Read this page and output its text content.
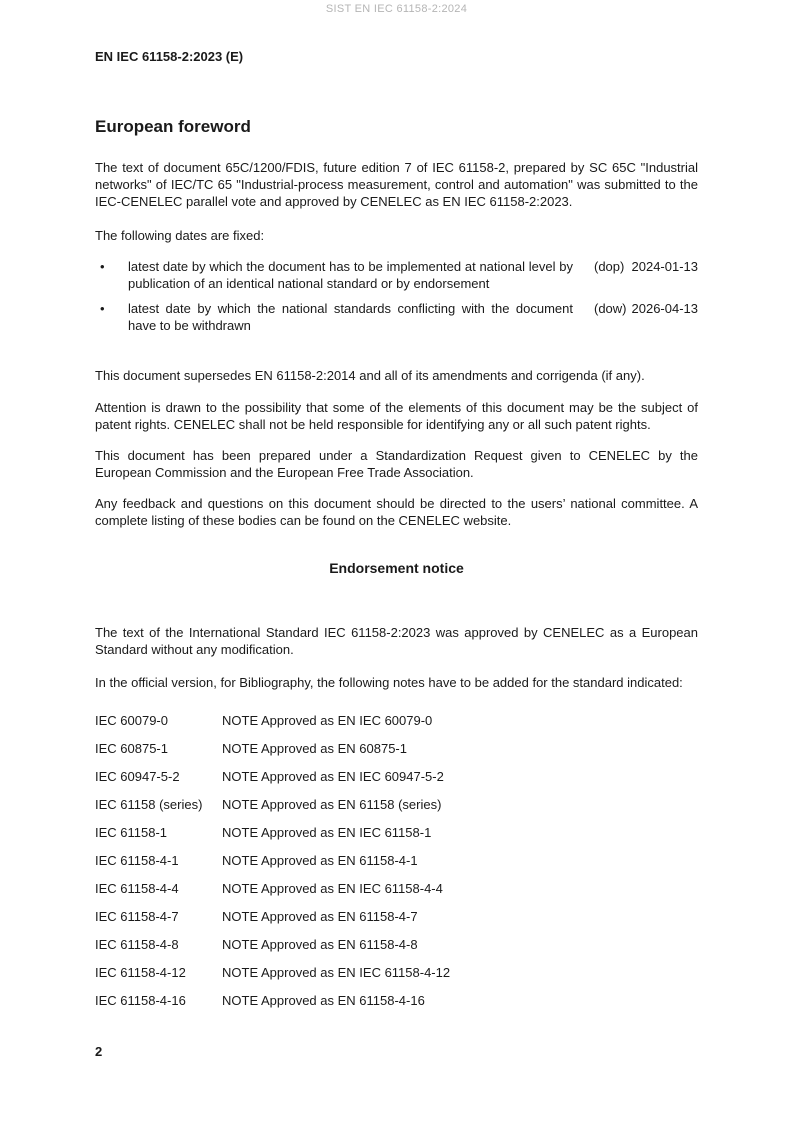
SIST EN IEC 61158-2:2024
EN IEC 61158-2:2023 (E)
European foreword

The text of document 65C/1200/FDIS, future edition 7 of IEC 61158-2, prepared by SC 65C "Industrial networks" of IEC/TC 65 "Industrial-process measurement, control and automation" was submitted to the IEC-CENELEC parallel vote and approved by CENELEC as EN IEC 61158-2:2023.

The following dates are fixed:

•	latest date by which the document has to be implemented at national level by publication of an identical national standard or by endorsement
(dop) 2024-01-13
•	latest date by which the national standards conflicting with the document have to be withdrawn
(dow) 2026-04-13

This document supersedes EN 61158-2:2014 and all of its amendments and corrigenda (if any).

Attention is drawn to the possibility that some of the elements of this document may be the subject of patent rights. CENELEC shall not be held responsible for identifying any or all such patent rights.

This document has been prepared under a Standardization Request given to CENELEC by the European Commission and the European Free Trade Association.

Any feedback and questions on this document should be directed to the users’ national committee. A complete listing of these bodies can be found on the CENELEC website.

Endorsement notice

The text of the International Standard IEC 61158-2:2023 was approved by CENELEC as a European Standard without any modification.

In the official version, for Bibliography, the following notes have to be added for the standard indicated:

IEC 60079-0	NOTE Approved as EN IEC 60079-0
IEC 60875-1	NOTE Approved as EN 60875-1
IEC 60947-5-2	NOTE Approved as EN IEC 60947-5-2
IEC 61158 (series)	NOTE Approved as EN 61158 (series)
IEC 61158-1	NOTE Approved as EN IEC 61158-1
IEC 61158-4-1	NOTE Approved as EN 61158-4-1
IEC 61158-4-4	NOTE Approved as EN IEC 61158-4-4
IEC 61158-4-7	NOTE Approved as EN 61158-4-7
IEC 61158-4-8	NOTE Approved as EN 61158-4-8
IEC 61158-4-12	NOTE Approved as EN IEC 61158-4-12
IEC 61158-4-16	NOTE Approved as EN 61158-4-16
2
